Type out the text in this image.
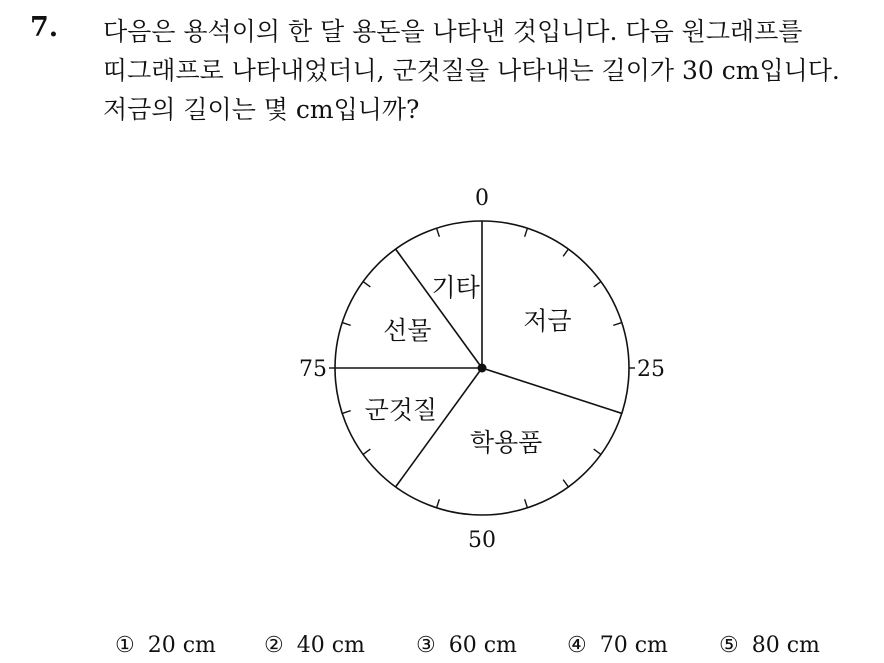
7. 다음은 용석이의 한 달 용돈을 나타낸 것입니다. 다음 원그래프를
띠그래프로 나타내었더니, 군것질을 나타내는 길이가 30 cm입니다.
저금의 길이는 몇 cm입니까?
0
25
50
75
저금
학용품
군것질
선물
기타
① 20 cm ② 40 cm ③ 60 cm ④ 70 cm ⑤ 80 cm
